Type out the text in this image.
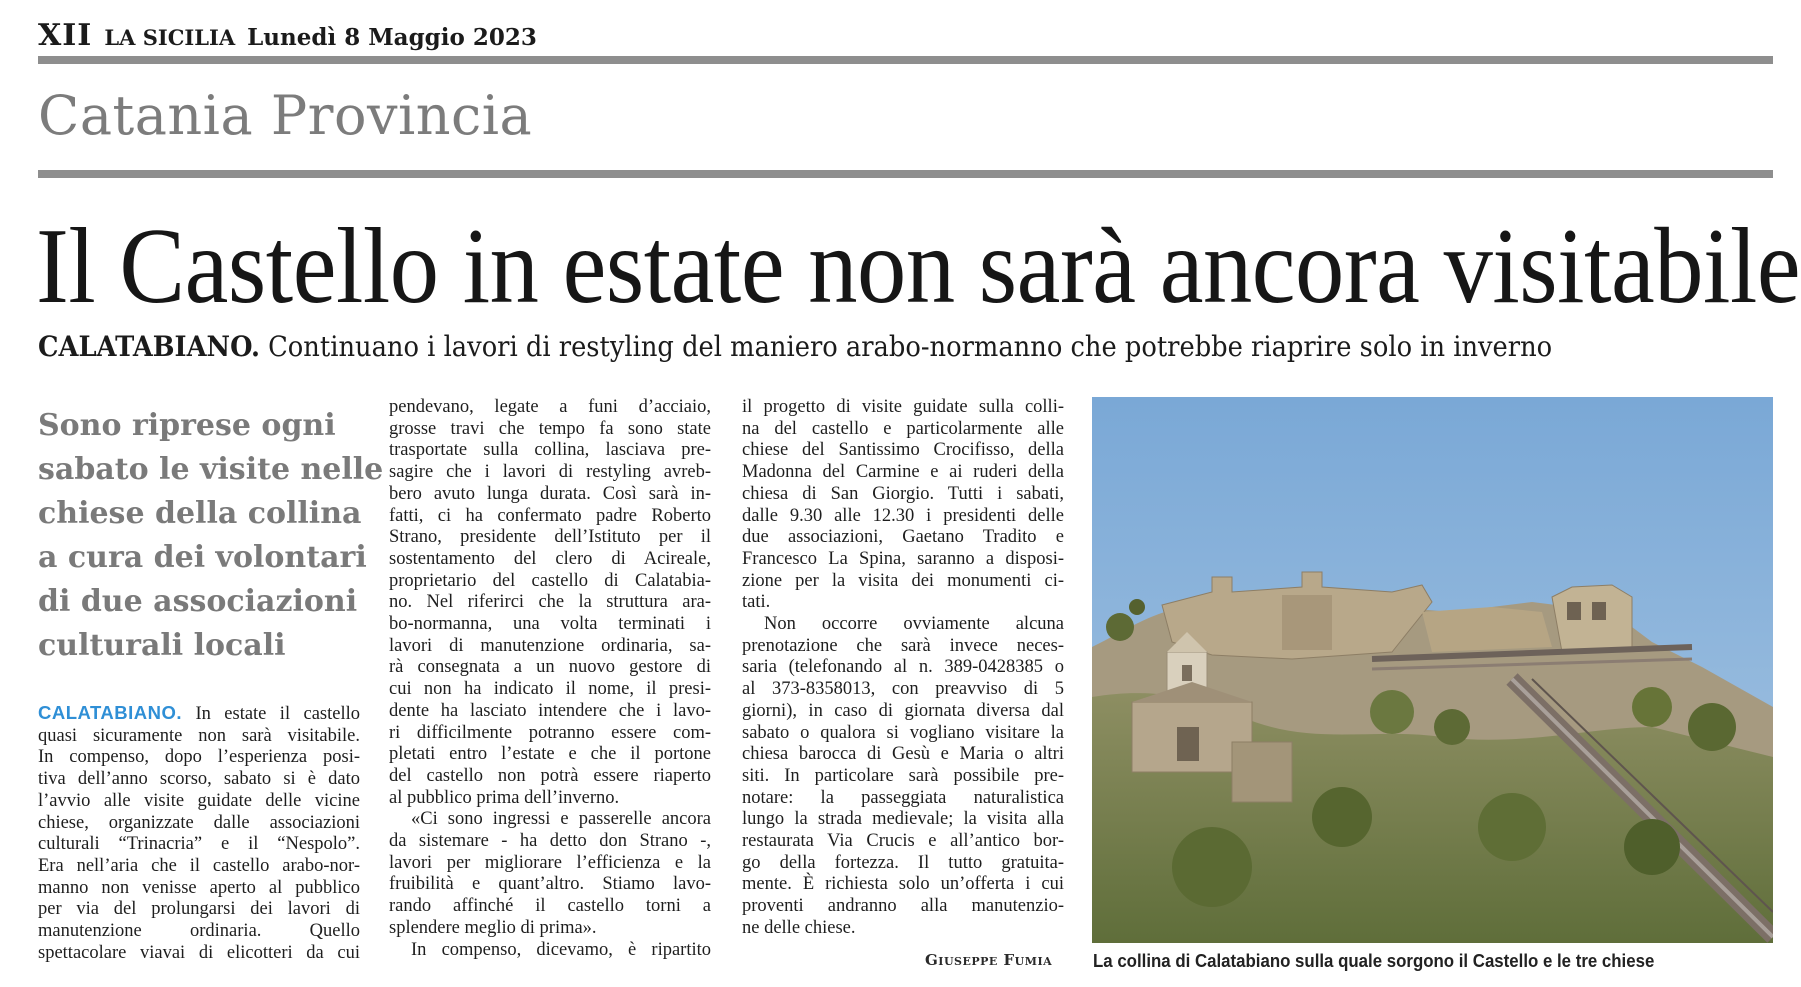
XII LA SICILIA Lunedì 8 Maggio 2023
Catania Provincia
Il Castello in estate non sarà ancora visitabile
CALATABIANO. Continuano i lavori di restyling del maniero arabo-normanno che potrebbe riaprire solo in inverno
Sono riprese ogni
sabato le visite nelle
chiese della collina
a cura dei volontari
di due associazioni
culturali locali
CALATABIANO. In estate il castello
quasi sicuramente non sarà visitabile.
In compenso, dopo l’esperienza posi-
tiva dell’anno scorso, sabato si è dato
l’avvio alle visite guidate delle vicine
chiese, organizzate dalle associazioni
culturali “Trinacria” e il “Nespolo”.
Era nell’aria che il castello arabo-nor-
manno non venisse aperto al pubblico
per via del prolungarsi dei lavori di
manutenzione ordinaria. Quello
spettacolare viavai di elicotteri da cui
pendevano, legate a funi d’acciaio,
grosse travi che tempo fa sono state
trasportate sulla collina, lasciava pre-
sagire che i lavori di restyling avreb-
bero avuto lunga durata. Così sarà in-
fatti, ci ha confermato padre Roberto
Strano, presidente dell’Istituto per il
sostentamento del clero di Acireale,
proprietario del castello di Calatabia-
no. Nel riferirci che la struttura ara-
bo-normanna, una volta terminati i
lavori di manutenzione ordinaria, sa-
rà consegnata a un nuovo gestore di
cui non ha indicato il nome, il presi-
dente ha lasciato intendere che i lavo-
ri difficilmente potranno essere com-
pletati entro l’estate e che il portone
del castello non potrà essere riaperto
al pubblico prima dell’inverno.
«Ci sono ingressi e passerelle ancora
da sistemare - ha detto don Strano -,
lavori per migliorare l’efficienza e la
fruibilità e quant’altro. Stiamo lavo-
rando affinché il castello torni a
splendere meglio di prima».
In compenso, dicevamo, è ripartito
il progetto di visite guidate sulla colli-
na del castello e particolarmente alle
chiese del Santissimo Crocifisso, della
Madonna del Carmine e ai ruderi della
chiesa di San Giorgio. Tutti i sabati,
dalle 9.30 alle 12.30 i presidenti delle
due associazioni, Gaetano Tradito e
Francesco La Spina, saranno a disposi-
zione per la visita dei monumenti ci-
tati.
Non occorre ovviamente alcuna
prenotazione che sarà invece neces-
saria (telefonando al n. 389-0428385 o
al 373-8358013, con preavviso di 5
giorni), in caso di giornata diversa dal
sabato o qualora si vogliano visitare la
chiesa barocca di Gesù e Maria o altri
siti. In particolare sarà possibile pre-
notare: la passeggiata naturalistica
lungo la strada medievale; la visita alla
restaurata Via Crucis e all’antico bor-
go della fortezza. Il tutto gratuita-
mente. È richiesta solo un’offerta i cui
proventi andranno alla manutenzio-
ne delle chiese.
Giuseppe Fumia La collina di Calatabiano sulla quale sorgono il Castello e le tre chiese
